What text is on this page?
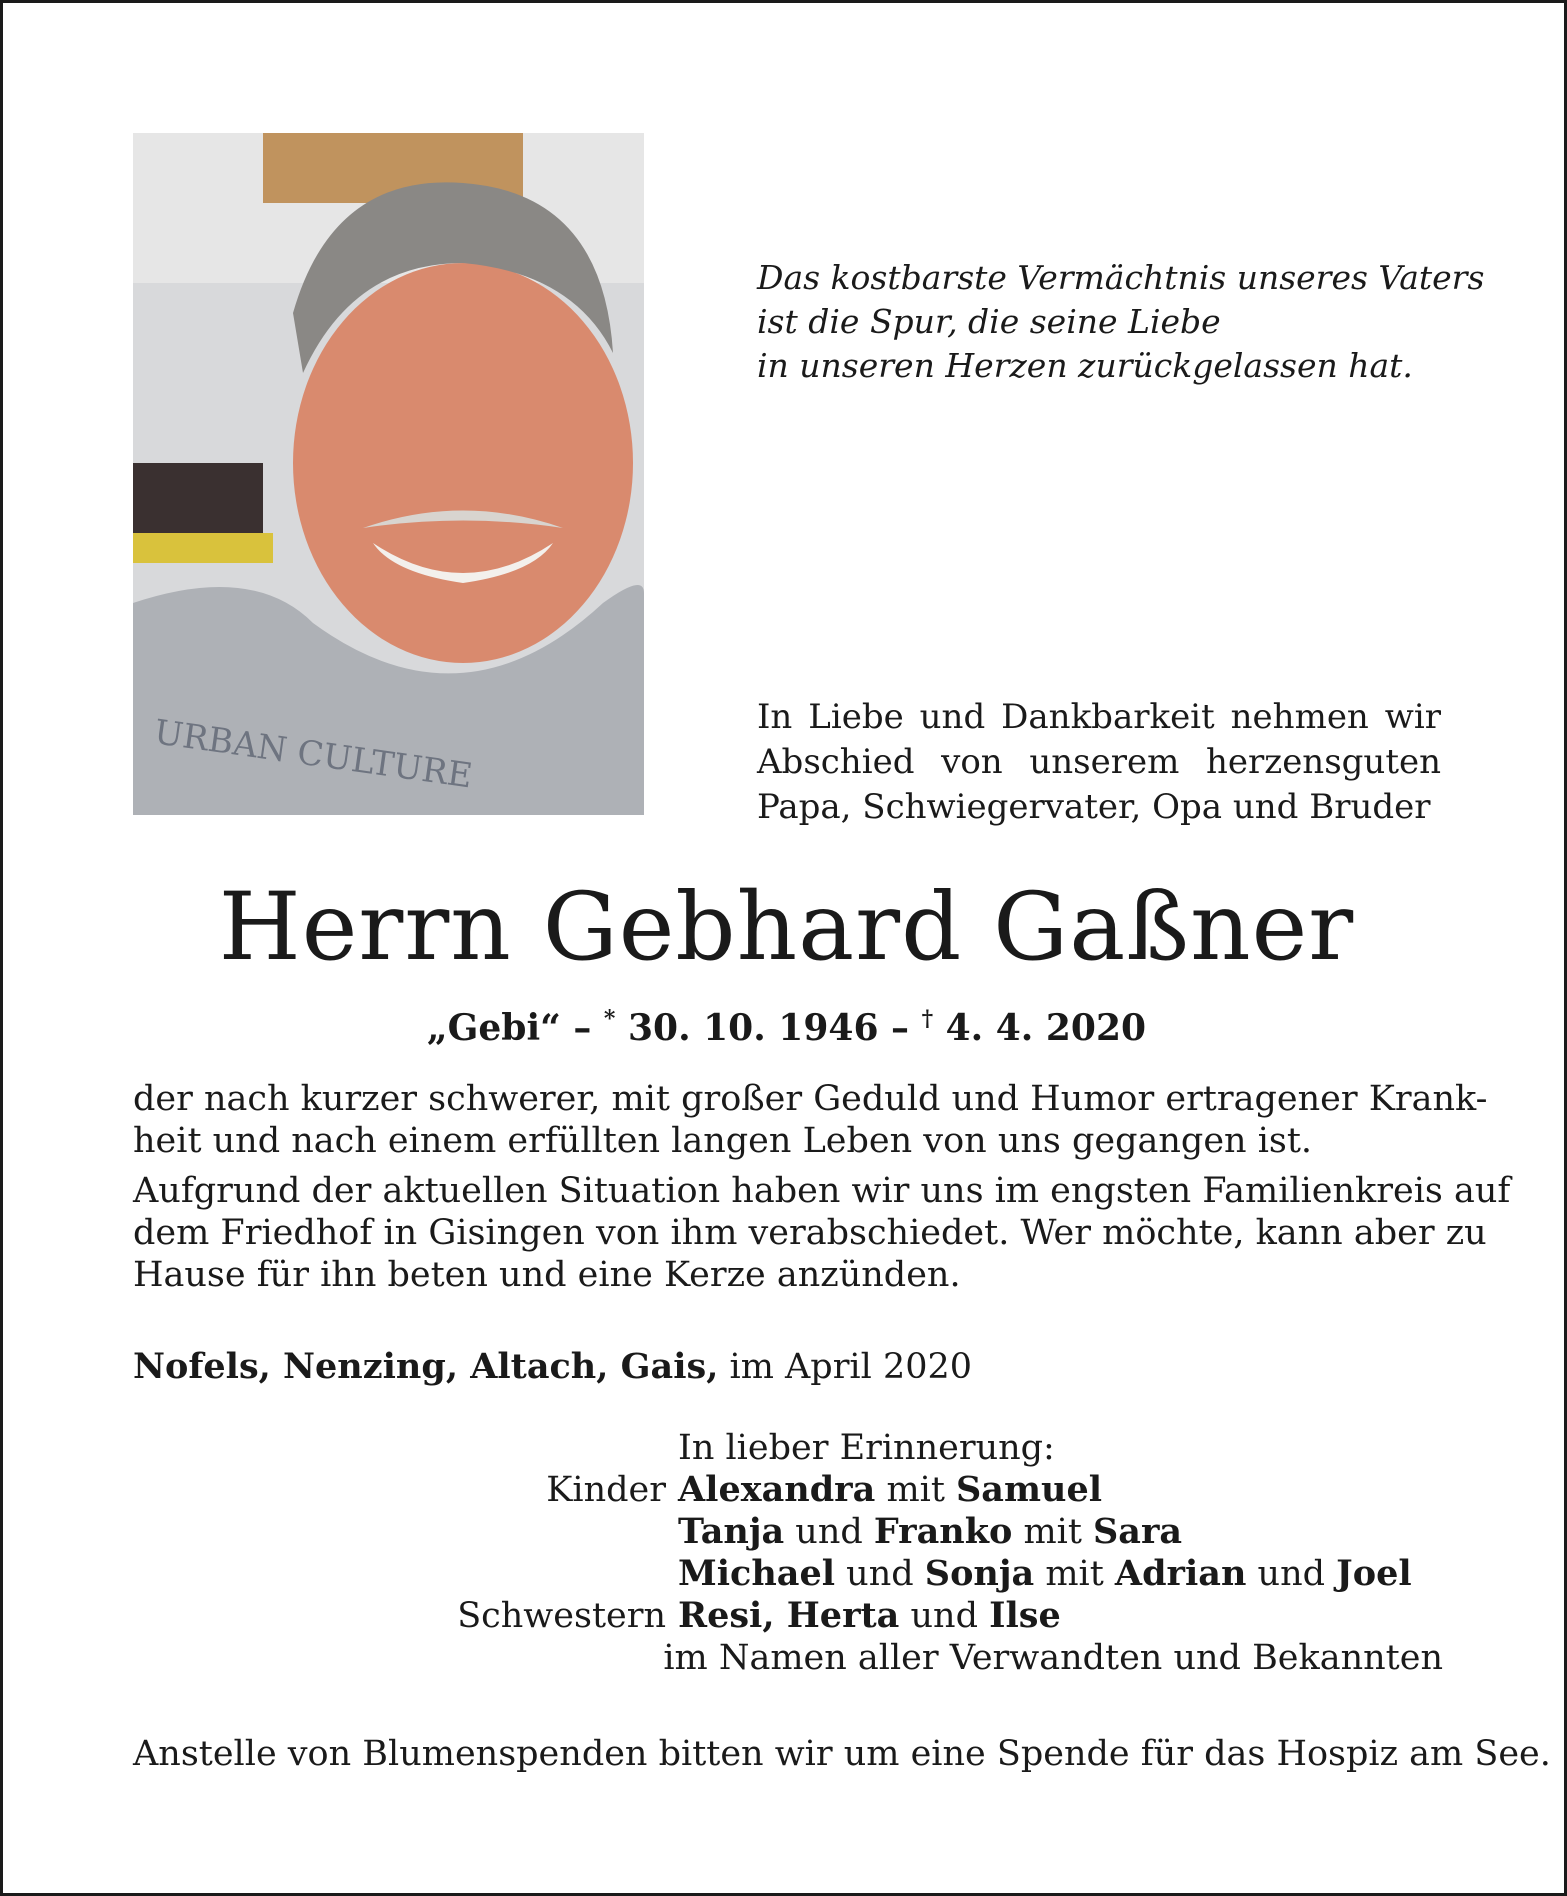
URBAN CULTURE
Das kostbarste Vermächtnis unseres Vaters
ist die Spur, die seine Liebe
in unseren Herzen zurückgelassen hat.
In Liebe und Dankbarkeit nehmen wir
Abschied von unserem herzensguten
Papa, Schwiegervater, Opa und Bruder
Herrn Gebhard Gaßner
„Gebi“ – * 30. 10. 1946 – † 4. 4. 2020

der nach kurzer schwerer, mit großer Geduld und Humor ertragener Krank-
heit und nach einem erfüllten langen Leben von uns gegangen ist.

Aufgrund der aktuellen Situation haben wir uns im engsten Familienkreis auf
dem Friedhof in Gisingen von ihm verabschiedet. Wer möchte, kann aber zu
Hause für ihn beten und eine Kerze anzünden.

Nofels, Nenzing, Altach, Gais, im April 2020
In lieber Erinnerung:
Kinder Alexandra mit Samuel
Tanja und Franko mit Sara
Michael und Sonja mit Adrian und Joel
Schwestern Resi, Herta und Ilse
im Namen aller Verwandten und Bekannten
Anstelle von Blumenspenden bitten wir um eine Spende für das Hospiz am See.
